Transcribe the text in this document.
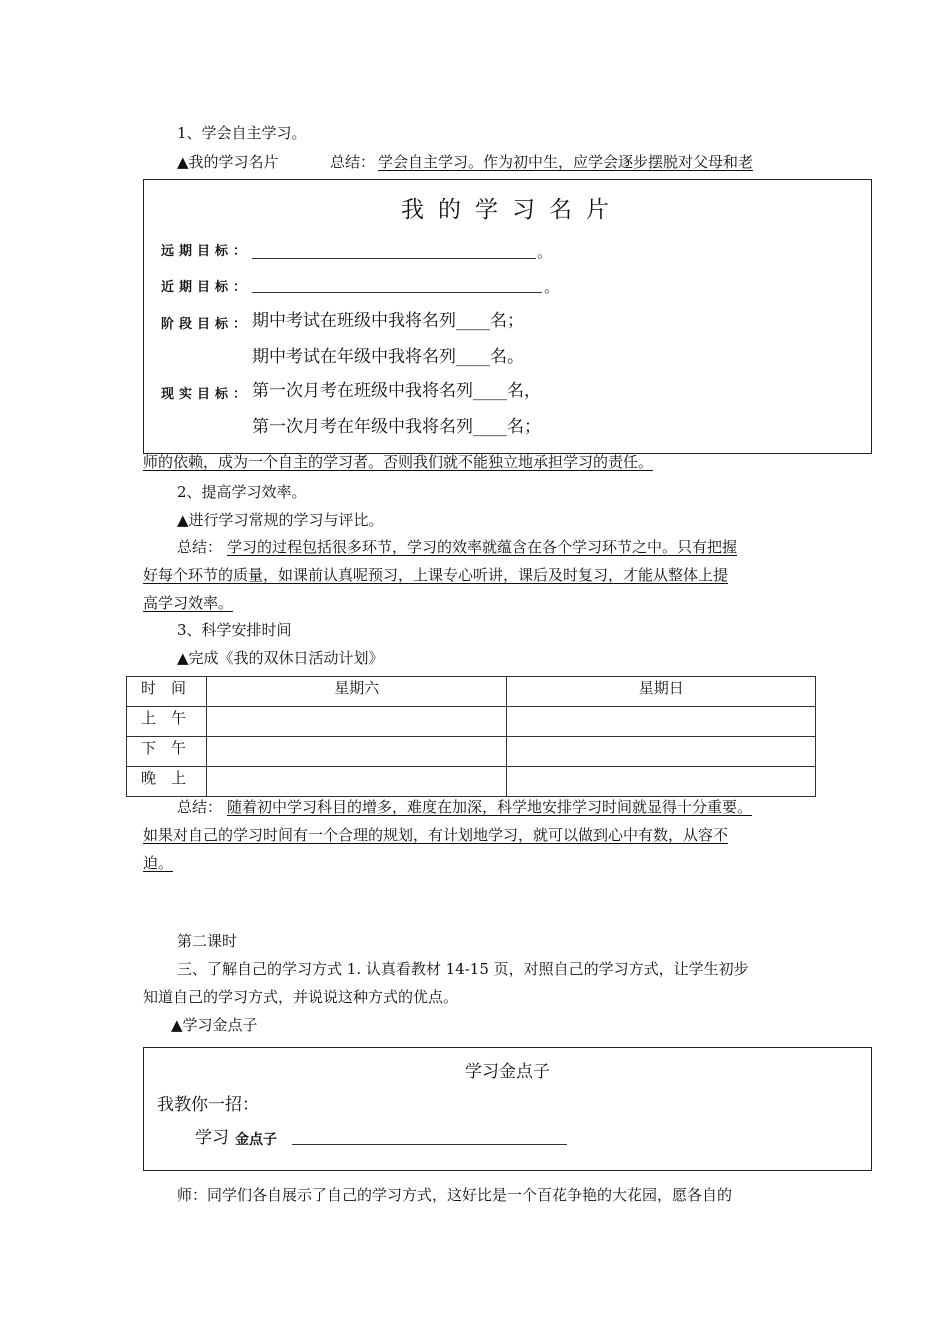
1、学会自主学习。
▲我的学习名片	总结： 学会自主学习。作为初中生，应学会逐步摆脱对父母和老
我的学习名片
远期目标：	。
近期目标：	。
阶段目标： 期中考试在班级中我将名列____名；
期中考试在年级中我将名列____名。
现实目标： 第一次月考在班级中我将名列____名，
第一次月考在年级中我将名列____名；
师的依赖，成为一个自主的学习者。否则我们就不能独立地承担学习的责任。
2、提高学习效率。
▲进行学习常规的学习与评比。
总结： 学习的过程包括很多环节，学习的效率就蕴含在各个学习环节之中。只有把握
好每个环节的质量，如课前认真呢预习，上课专心听讲，课后及时复习，才能从整体上提
高学习效率。
3、科学安排时间
▲完成《我的双休日活动计划》
时　间	星期六	星期日
上　午		
下　午		
晚　上		
总结： 随着初中学习科目的增多，难度在加深，科学地安排学习时间就显得十分重要。
如果对自己的学习时间有一个合理的规划，有计划地学习，就可以做到心中有数，从容不
迫。
第二课时
三、了解自己的学习方式 1. 认真看教材 14-15 页，对照自己的学习方式，让学生初步
知道自己的学习方式，并说说这种方式的优点。
▲学习金点子
学习金点子
我教你一招：
学习 金点子
师：同学们各自展示了自己的学习方式，这好比是一个百花争艳的大花园，愿各自的
